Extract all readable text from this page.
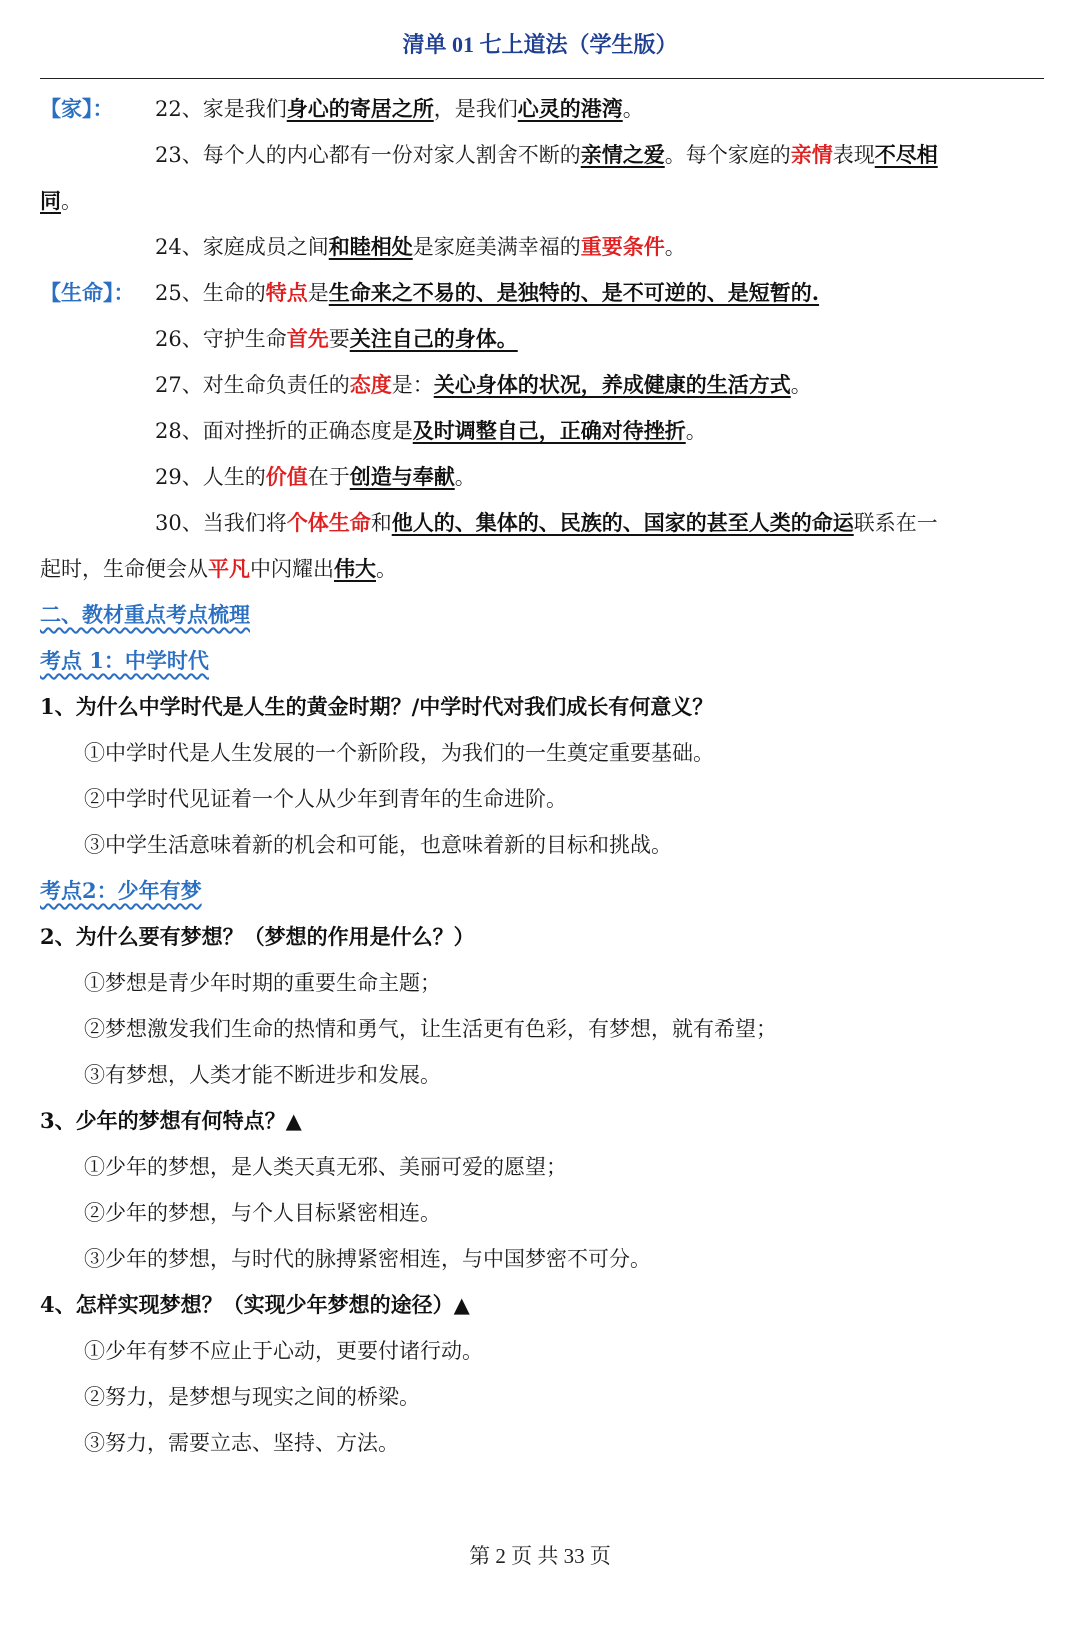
清单 01 七上道法（学生版）
【家】： 22、家是我们身心的寄居之所，是我们心灵的港湾。
23、每个人的内心都有一份对家人割舍不断的亲情之爱。每个家庭的亲情表现不尽相
同。
24、家庭成员之间和睦相处是家庭美满幸福的重要条件。
【生命】： 25、生命的特点是生命来之不易的、是独特的、是不可逆的、是短暂的.
26、守护生命首先要关注自己的身体。
27、对生命负责任的态度是：关心身体的状况，养成健康的生活方式。
28、面对挫折的正确态度是及时调整自己，正确对待挫折。
29、人生的价值在于创造与奉献。
30、当我们将个体生命和他人的、集体的、民族的、国家的甚至人类的命运联系在一
起时，生命便会从平凡中闪耀出伟大。
二、教材重点考点梳理
考点 1：中学时代
1、为什么中学时代是人生的黄金时期？/中学时代对我们成长有何意义？
①中学时代是人生发展的一个新阶段，为我们的一生奠定重要基础。
②中学时代见证着一个人从少年到青年的生命进阶。
③中学生活意味着新的机会和可能，也意味着新的目标和挑战。
考点2：少年有梦
2、为什么要有梦想？（梦想的作用是什么？）
①梦想是青少年时期的重要生命主题；
②梦想激发我们生命的热情和勇气，让生活更有色彩，有梦想，就有希望；
③有梦想，人类才能不断进步和发展。
3、少年的梦想有何特点？▲
①少年的梦想，是人类天真无邪、美丽可爱的愿望；
②少年的梦想，与个人目标紧密相连。
③少年的梦想，与时代的脉搏紧密相连，与中国梦密不可分。
4、怎样实现梦想？（实现少年梦想的途径）▲
①少年有梦不应止于心动，更要付诸行动。
②努力，是梦想与现实之间的桥梁。
③努力，需要立志、坚持、方法。
第 2 页 共 33 页
